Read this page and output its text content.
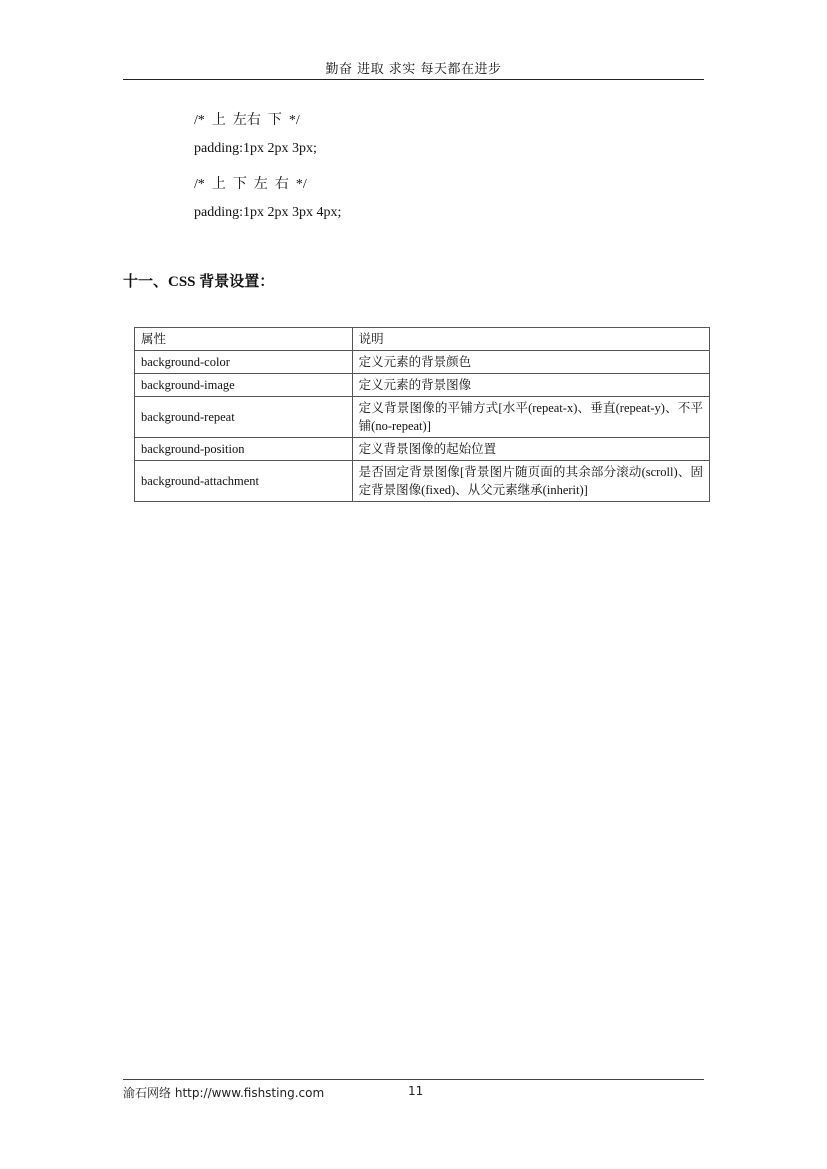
勤奋 进取 求实 每天都在进步
/*  上  左右  下  */
padding:1px 2px 3px;
/*  上  下  左  右  */
padding:1px 2px 3px 4px;
十一、CSS 背景设置：
属性	说明
background-color	定义元素的背景颜色
background-image	定义元素的背景图像
background-repeat	定义背景图像的平铺方式[水平(repeat-x)、垂直(repeat-y)、不平铺(no-repeat)]
background-position	定义背景图像的起始位置
background-attachment	是否固定背景图像[背景图片随页面的其余部分滚动(scroll)、固定背景图像(fixed)、从父元素继承(inherit)]
渝石网络 http://www.fishsting.com	11
